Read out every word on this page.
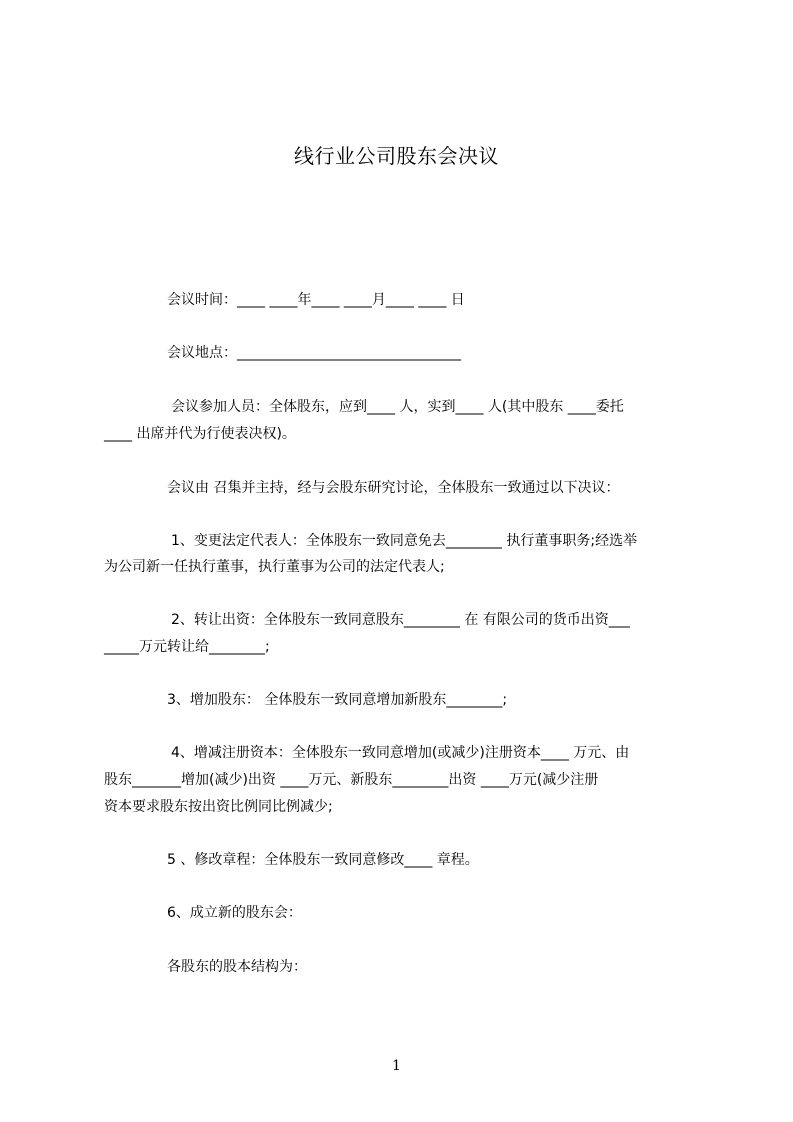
线行业公司股东会决议
会议时间：____ ____年____ ____月____ ____ 日
会议地点：________________________________
会议参加人员：全体股东，应到____ 人，实到____ 人(其中股东 ____委托
____ 出席并代为行使表决权)。
会议由 召集并主持，经与会股东研究讨论，全体股东一致通过以下决议：
1、变更法定代表人：全体股东一致同意免去________ 执行董事职务;经选举
为公司新一任执行董事，执行董事为公司的法定代表人;
2、转让出资：全体股东一致同意股东________ 在 有限公司的货币出资___
_____万元转让给________;
3、增加股东： 全体股东一致同意增加新股东________;
4、增减注册资本：全体股东一致同意增加(或减少)注册资本____ 万元、由
股东_______增加(减少)出资 ____万元、新股东________出资 ____万元(减少注册
资本要求股东按出资比例同比例减少;
5 、修改章程：全体股东一致同意修改____ 章程。
6、成立新的股东会：
各股东的股本结构为：
1
